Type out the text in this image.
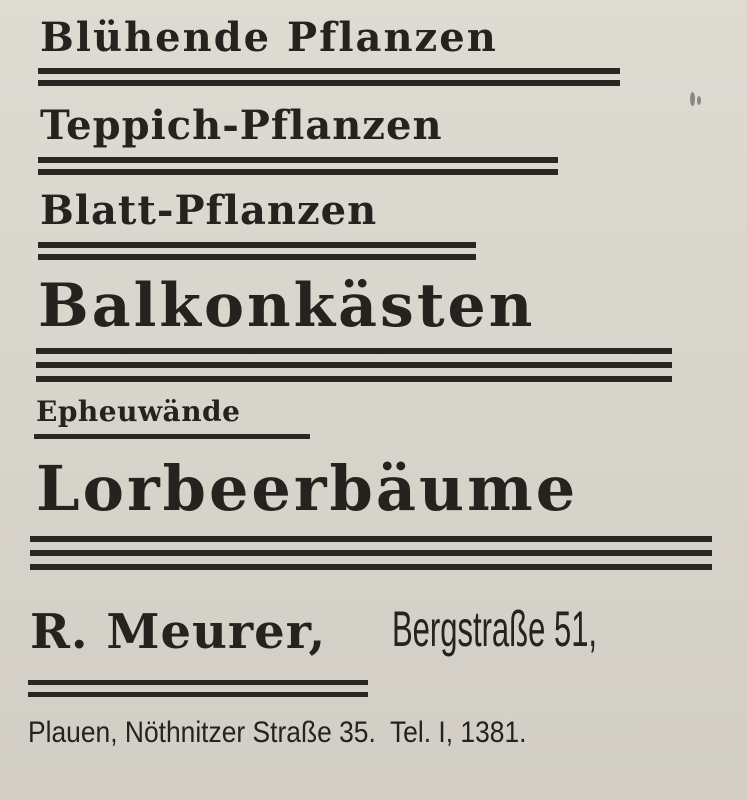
Blühende Pflanzen
Teppich-Pflanzen
Blatt-Pflanzen
Balkonkästen
Epheuwände
Lorbeerbäume
R. Meurer, Bergstraße 51,
Plauen, Nöthnitzer Straße 35.  Tel. I, 1381.
